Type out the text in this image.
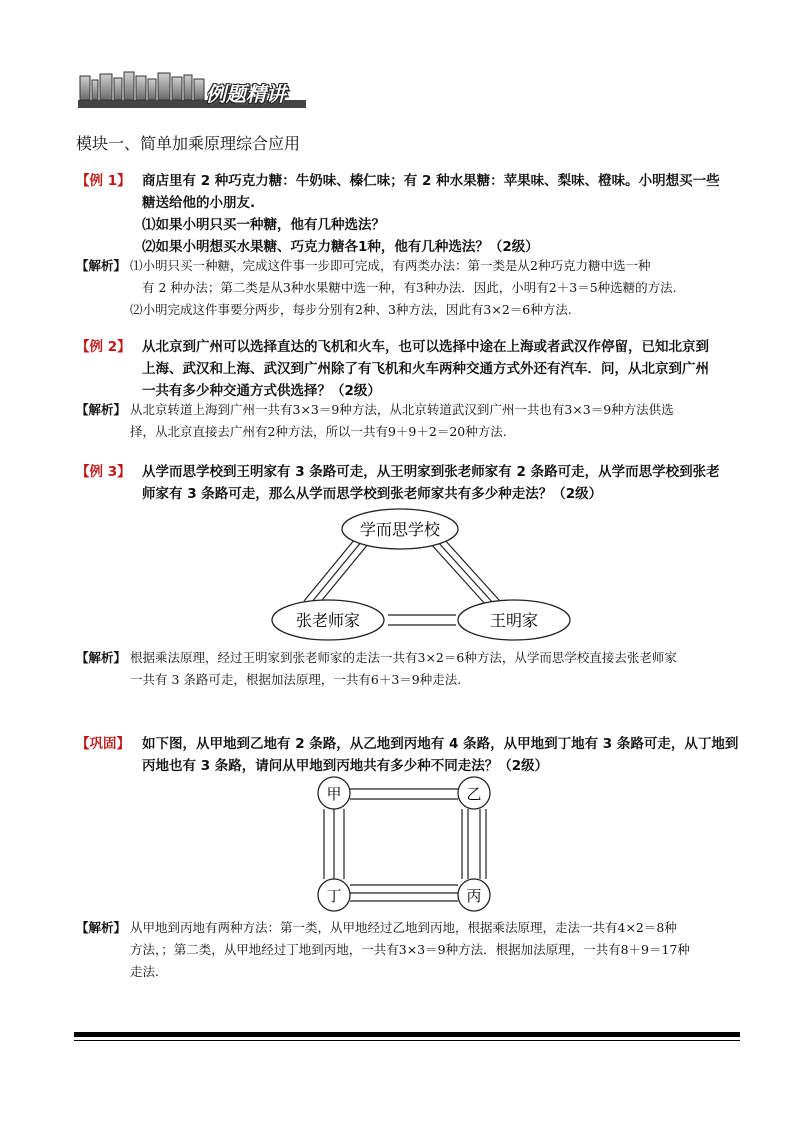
例题精讲
模块一、简单加乘原理综合应用
【例 1】 商店里有 2 种巧克力糖：牛奶味、榛仁味；有 2 种水果糖：苹果味、梨味、橙味。小明想买一些
糖送给他的小朋友.
⑴如果小明只买一种糖，他有几种选法？
⑵如果小明想买水果糖、巧克力糖各1种，他有几种选法？（2级）
【解析】 ⑴小明只买一种糖，完成这件事一步即可完成，有两类办法：第一类是从2种巧克力糖中选一种
有 2 种办法；第二类是从3种水果糖中选一种，有3种办法．因此，小明有2＋3＝5种选糖的方法.
⑵小明完成这件事要分两步，每步分别有2种、3种方法，因此有3×2＝6种方法.
【例 2】 从北京到广州可以选择直达的飞机和火车，也可以选择中途在上海或者武汉作停留，已知北京到
上海、武汉和上海、武汉到广州除了有飞机和火车两种交通方式外还有汽车．问，从北京到广州
一共有多少种交通方式供选择？（2级）
【解析】 从北京转道上海到广州一共有3×3＝9种方法，从北京转道武汉到广州一共也有3×3＝9种方法供选
择，从北京直接去广州有2种方法，所以一共有9＋9＋2＝20种方法.
【例 3】 从学而思学校到王明家有 3 条路可走，从王明家到张老师家有 2 条路可走，从学而思学校到张老
师家有 3 条路可走，那么从学而思学校到张老师家共有多少种走法？（2级）
学而思学校
张老师家	王明家
【解析】 根据乘法原理，经过王明家到张老师家的走法一共有3×2＝6种方法，从学而思学校直接去张老师家
一共有 3 条路可走，根据加法原理，一共有6＋3＝9种走法.
【巩固】 如下图，从甲地到乙地有 2 条路，从乙地到丙地有 4 条路，从甲地到丁地有 3 条路可走，从丁地到
丙地也有 3 条路，请问从甲地到丙地共有多少种不同走法？（2级）
甲	乙
丁	丙
【解析】 从甲地到丙地有两种方法：第一类，从甲地经过乙地到丙地，根据乘法原理，走法一共有4×2＝8种
方法，；第二类，从甲地经过丁地到丙地，一共有3×3＝9种方法．根据加法原理，一共有8＋9＝17种
走法.
